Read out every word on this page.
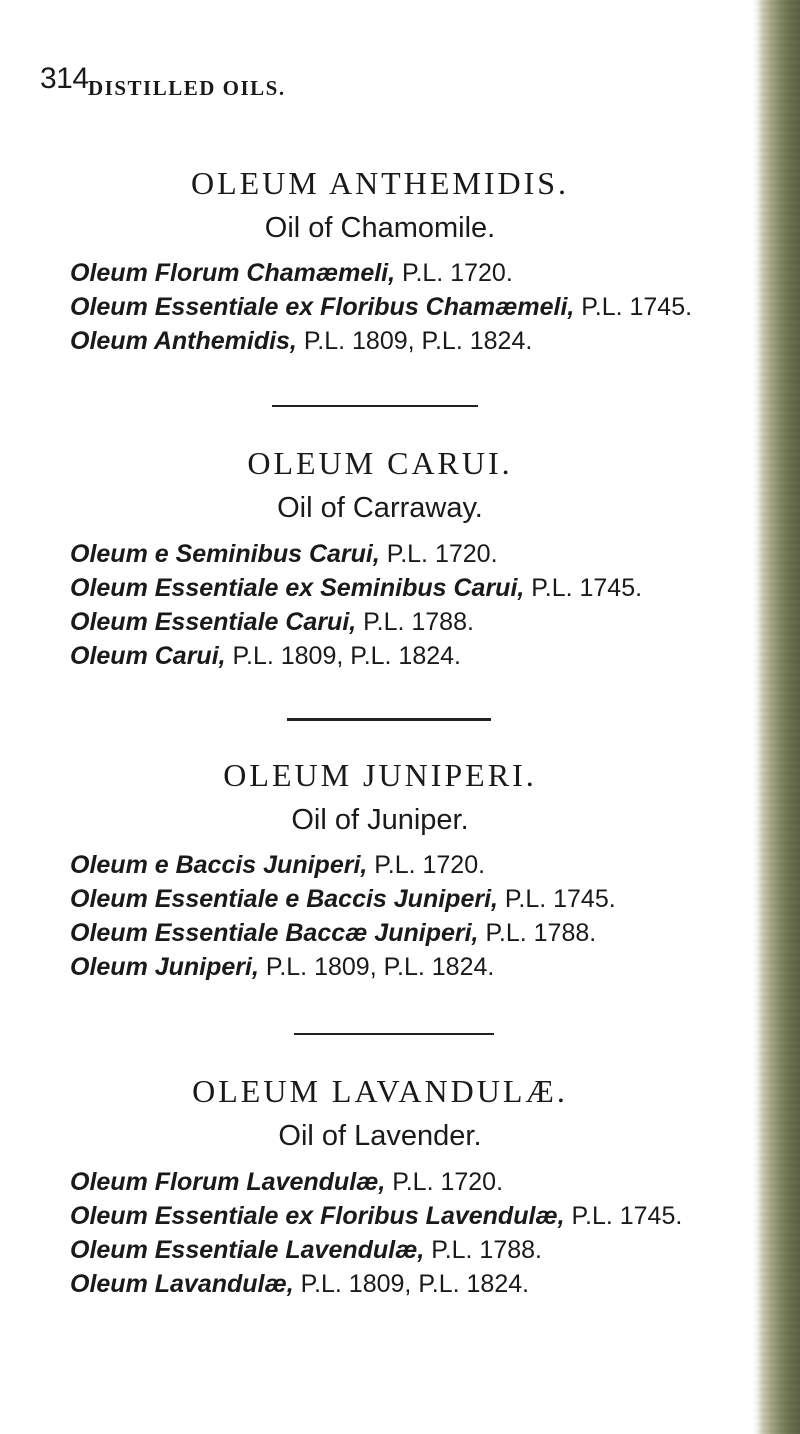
314 DISTILLED OILS.
OLEUM ANTHEMIDIS.
Oil of Chamomile.
Oleum Florum Chamæmeli, P.L. 1720.
Oleum Essentiale ex Floribus Chamæmeli, P.L. 1745.
Oleum Anthemidis, P.L. 1809, P.L. 1824.
OLEUM CARUI.
Oil of Carraway.
Oleum e Seminibus Carui, P.L. 1720.
Oleum Essentiale ex Seminibus Carui, P.L. 1745.
Oleum Essentiale Carui, P.L. 1788.
Oleum Carui, P.L. 1809, P.L. 1824.
OLEUM JUNIPERI.
Oil of Juniper.
Oleum e Baccis Juniperi, P.L. 1720.
Oleum Essentiale e Baccis Juniperi, P.L. 1745.
Oleum Essentiale Baccæ Juniperi, P.L. 1788.
Oleum Juniperi, P.L. 1809, P.L. 1824.
OLEUM LAVANDULÆ.
Oil of Lavender.
Oleum Florum Lavendulæ, P.L. 1720.
Oleum Essentiale ex Floribus Lavendulæ, P.L. 1745.
Oleum Essentiale Lavendulæ, P.L. 1788.
Oleum Lavandulæ, P.L. 1809, P.L. 1824.
